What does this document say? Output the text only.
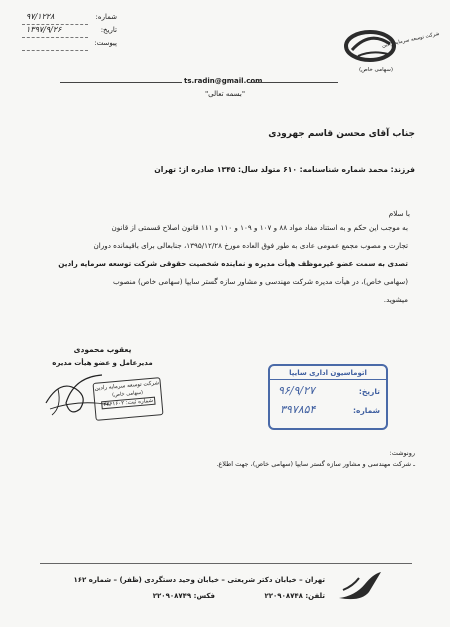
شماره:
۹۷/۱۲۲۸
تاریخ:
۱۳۹۷/۹/۲۶
پیوست:	شرکت توسعه سرمایه رادین
(سهامی خاص)
ts.radin@gmail.com
"بسمه تعالی"
جناب آقای محسن قاسم جهرودی
فرزند: محمد شماره شناسنامه: ۶۱۰ متولد سال: ۱۳۴۵ صادره از: تهران
با سلام
به موجب این حکم و به استناد مفاد مواد ۸۸ و ۱۰۷ و ۱۰۹ و ۱۱۰ و ۱۱۱ قانون اصلاح قسمتی از قانون
تجارت و مصوب مجمع عمومی عادی به طور فوق العاده مورخ ۱۳۹۵/۱۲/۲۸، جنابعالی برای باقیمانده دوران
تصدی به سمت عضو غیرموظف هیأت مدیره و نماینده شخصیت حقوقی شرکت توسعه سرمایه رادین
(سهامی خاص)، در هیأت مدیره شرکت مهندسی و مشاور سازه گستر سایپا (سهامی خاص) منصوب
میشوید.
یعقوب محمودی
مدیرعامل و عضو هیأت مدیره
شرکت توسعه سرمایه رادین
(سهامی خاص)
شماره ثبت: ۴۳۶۱۶۰۲
اتوماسیون اداری سایپا
تاریخ:
۹۶/۹/۲۷
شماره:
۳۹۷۸۵۴
رونوشت:
ـ شرکت مهندسی و مشاور سازه گستر سایپا (سهامی خاص)، جهت اطلاع.
تهران – خیابان دکتر شریعتی – خیابان وحید دستگردی (ظفر) – شماره ۱۶۲
تلفن: ۲۲۰۹۰۸۷۴۸
فکس: ۲۲۰۹۰۸۷۴۹
